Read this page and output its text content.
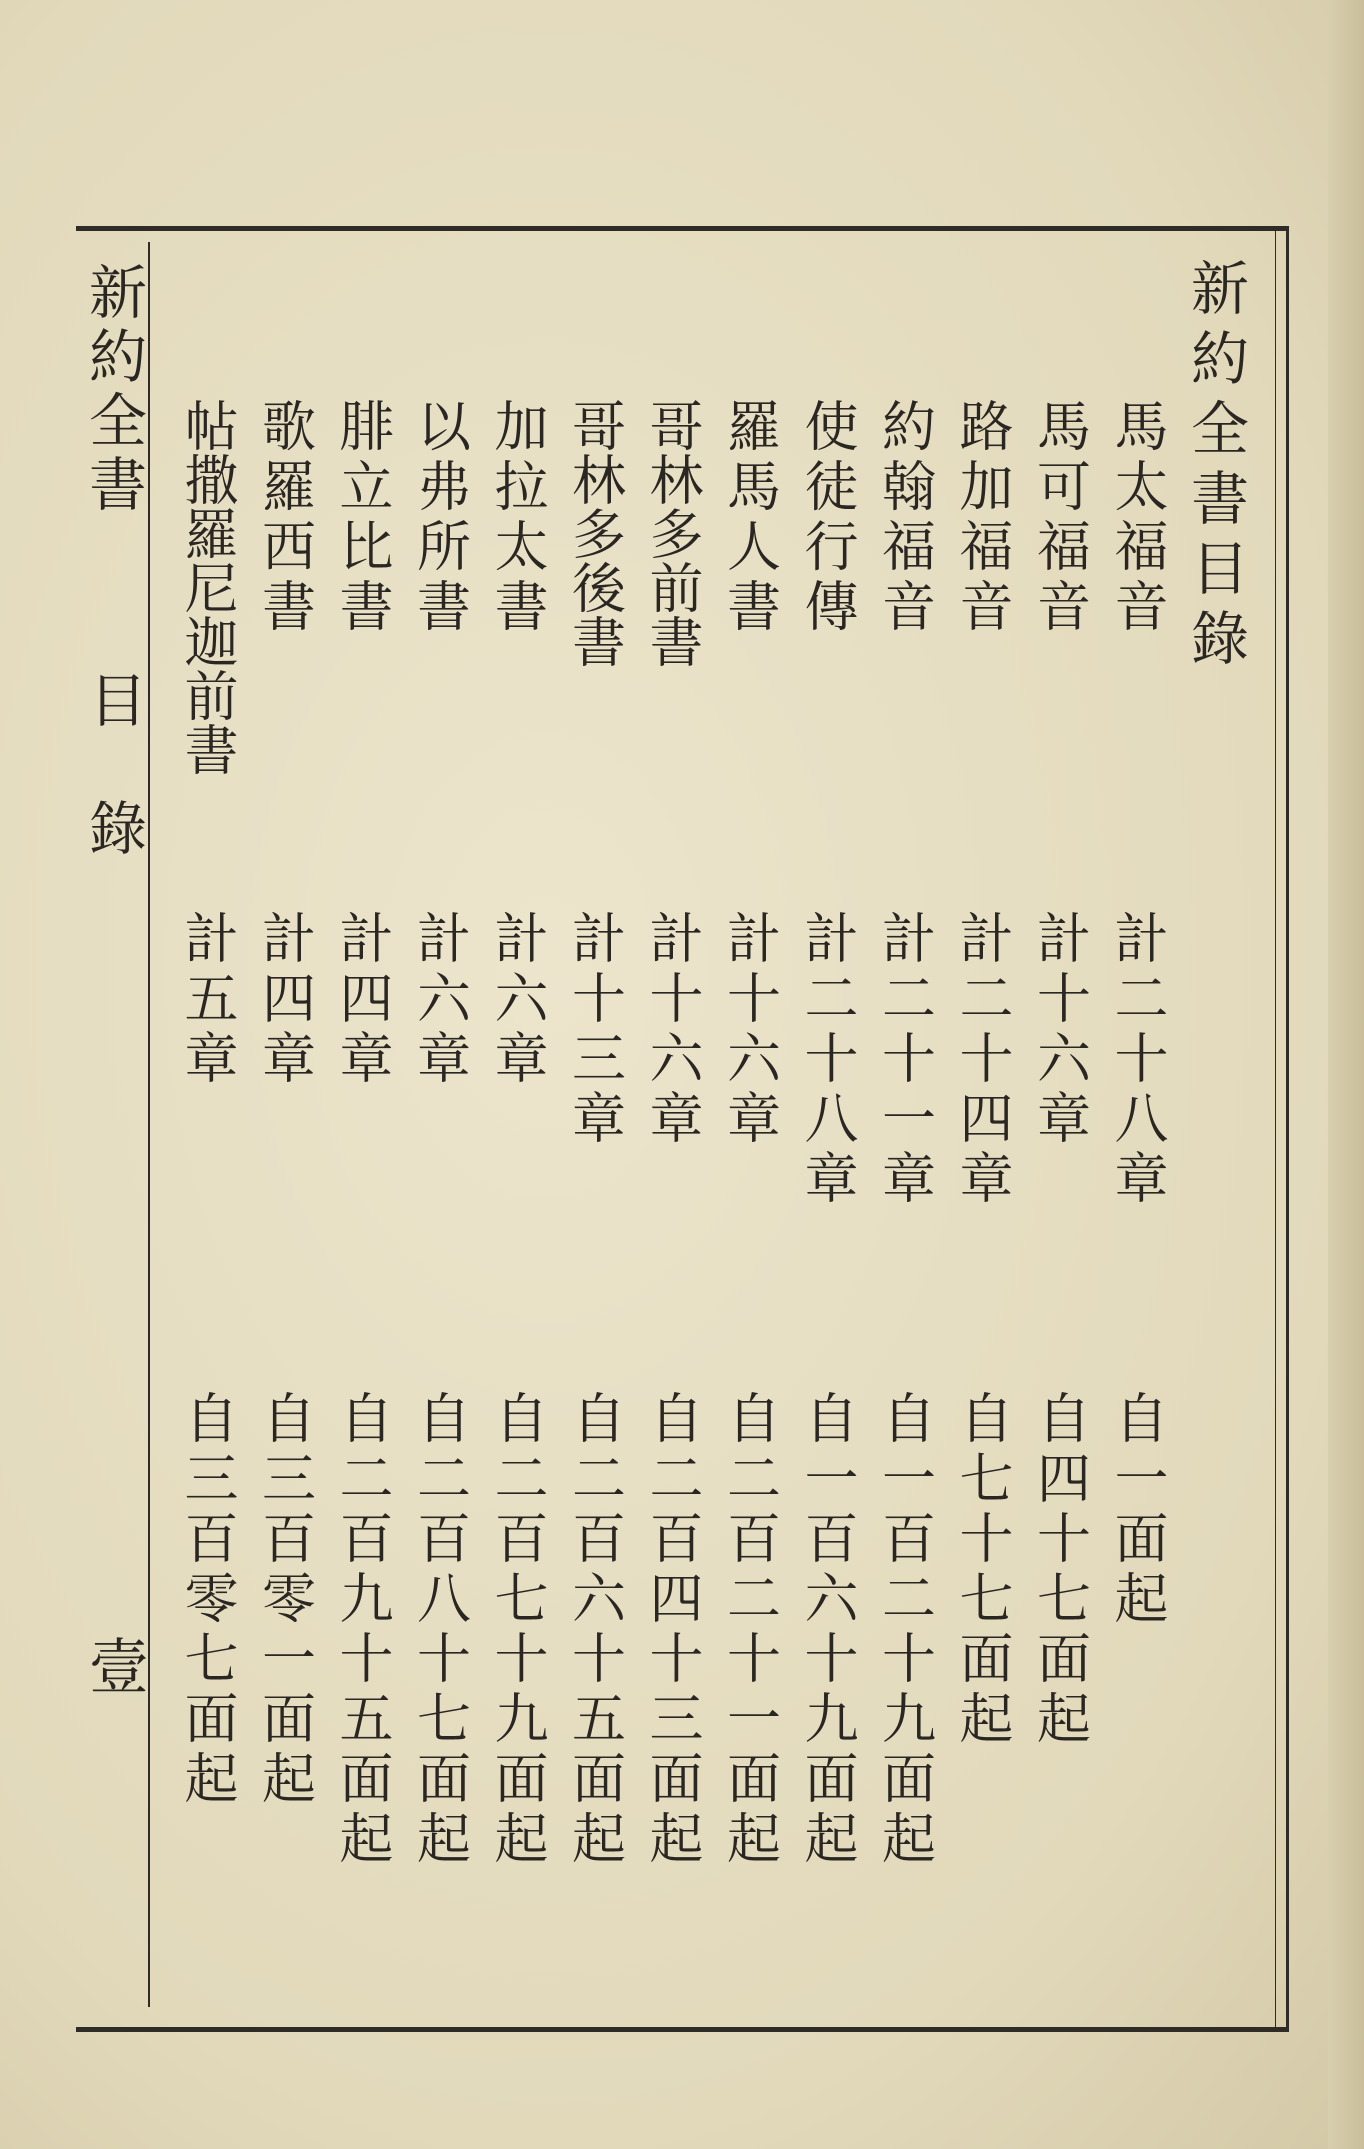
新約全書目錄
馬太福音
計二十八章
自一面起
馬可福音
計十六章
自四十七面起
路加福音
計二十四章
自七十七面起
約翰福音
計二十一章
自一百二十九面起
使徒行傳
計二十八章
自一百六十九面起
羅馬人書
計十六章
自二百二十一面起
哥林多前書
計十六章
自二百四十三面起
哥林多後書
計十三章
自二百六十五面起
加拉太書
計六章
自二百七十九面起
以弗所書
計六章
自二百八十七面起
腓立比書
計四章
自二百九十五面起
歌羅西書
計四章
自三百零一面起
帖撒羅尼迦前書
計五章
自三百零七面起
新約全書
目　錄
壹
